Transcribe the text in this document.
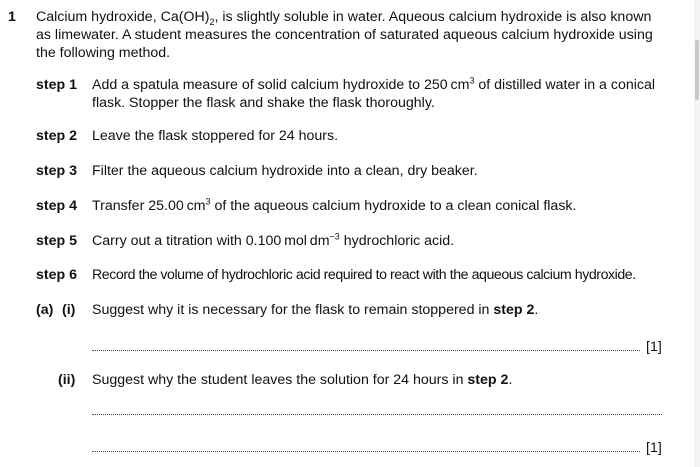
1 Calcium hydroxide, $Ca(OH)_2$, is slightly soluble in water. Aqueous calcium hydroxide is also known
as limewater. A student measures the concentration of saturated aqueous calcium hydroxide using
the following method.
step 1 Add a spatula measure of solid calcium hydroxide to 250 $cm^3$ of distilled water in a conical
flask. Stopper the flask and shake the flask thoroughly.
step 2 Leave the flask stoppered for 24 hours.
step 3 Filter the aqueous calcium hydroxide into a clean, dry beaker.
step 4 Transfer 25.00 $cm^3$ of the aqueous calcium hydroxide to a clean conical flask.
step 5 Carry out a titration with 0.100 mol $dm^{-3}$ hydrochloric acid.
step 6 Record the volume of hydrochloric acid required to react with the aqueous calcium hydroxide.
(a) (i) Suggest why it is necessary for the flask to remain stoppered in step 2.
[1]
(ii) Suggest why the student leaves the solution for 24 hours in step 2.
[1]
